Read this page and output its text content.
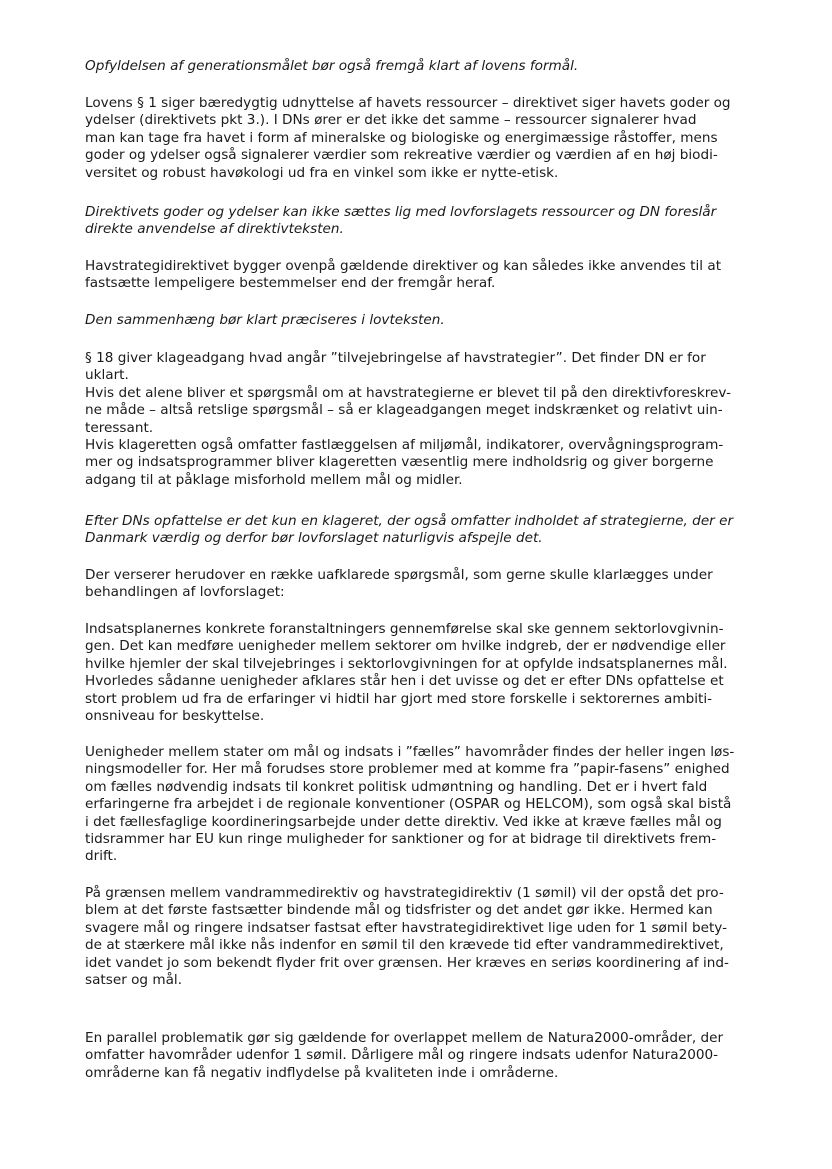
Opfyldelsen af generationsmålet bør også fremgå klart af lovens formål.

Lovens § 1 siger bæredygtig udnyttelse af havets ressourcer – direktivet siger havets goder og
ydelser (direktivets pkt 3.). I DNs ører er det ikke det samme – ressourcer signalerer hvad
man kan tage fra havet i form af mineralske og biologiske og energimæssige råstoffer, mens
goder og ydelser også signalerer værdier som rekreative værdier og værdien af en høj biodi-
versitet og robust havøkologi ud fra en vinkel som ikke er nytte-etisk.

Direktivets goder og ydelser kan ikke sættes lig med lovforslagets ressourcer og DN foreslår
direkte anvendelse af direktivteksten.

Havstrategidirektivet bygger ovenpå gældende direktiver og kan således ikke anvendes til at
fastsætte lempeligere bestemmelser end der fremgår heraf.

Den sammenhæng bør klart præciseres i lovteksten.

§ 18 giver klageadgang hvad angår ”tilvejebringelse af havstrategier”. Det finder DN er for
uklart.
Hvis det alene bliver et spørgsmål om at havstrategierne er blevet til på den direktivforeskrev-
ne måde – altså retslige spørgsmål – så er klageadgangen meget indskrænket og relativt uin-
teressant.
Hvis klageretten også omfatter fastlæggelsen af miljømål, indikatorer, overvågningsprogram-
mer og indsatsprogrammer bliver klageretten væsentlig mere indholdsrig og giver borgerne
adgang til at påklage misforhold mellem mål og midler.

Efter DNs opfattelse er det kun en klageret, der også omfatter indholdet af strategierne, der er
Danmark værdig og derfor bør lovforslaget naturligvis afspejle det.

Der verserer herudover en række uafklarede spørgsmål, som gerne skulle klarlægges under
behandlingen af lovforslaget:

Indsatsplanernes konkrete foranstaltningers gennemførelse skal ske gennem sektorlovgivnin-
gen. Det kan medføre uenigheder mellem sektorer om hvilke indgreb, der er nødvendige eller
hvilke hjemler der skal tilvejebringes i sektorlovgivningen for at opfylde indsatsplanernes mål.
Hvorledes sådanne uenigheder afklares står hen i det uvisse og det er efter DNs opfattelse et
stort problem ud fra de erfaringer vi hidtil har gjort med store forskelle i sektorernes ambiti-
onsniveau for beskyttelse.

Uenigheder mellem stater om mål og indsats i ”fælles” havområder findes der heller ingen løs-
ningsmodeller for. Her må forudses store problemer med at komme fra ”papir-fasens” enighed
om fælles nødvendig indsats til konkret politisk udmøntning og handling. Det er i hvert fald
erfaringerne fra arbejdet i de regionale konventioner (OSPAR og HELCOM), som også skal bistå
i det fællesfaglige koordineringsarbejde under dette direktiv. Ved ikke at kræve fælles mål og
tidsrammer har EU kun ringe muligheder for sanktioner og for at bidrage til direktivets frem-
drift.

På grænsen mellem vandrammedirektiv og havstrategidirektiv (1 sømil) vil der opstå det pro-
blem at det første fastsætter bindende mål og tidsfrister og det andet gør ikke. Hermed kan
svagere mål og ringere indsatser fastsat efter havstrategidirektivet lige uden for 1 sømil bety-
de at stærkere mål ikke nås indenfor en sømil til den krævede tid efter vandrammedirektivet,
idet vandet jo som bekendt flyder frit over grænsen. Her kræves en seriøs koordinering af ind-
satser og mål.

En parallel problematik gør sig gældende for overlappet mellem de Natura2000-områder, der
omfatter havområder udenfor 1 sømil. Dårligere mål og ringere indsats udenfor Natura2000-
områderne kan få negativ indflydelse på kvaliteten inde i områderne.
